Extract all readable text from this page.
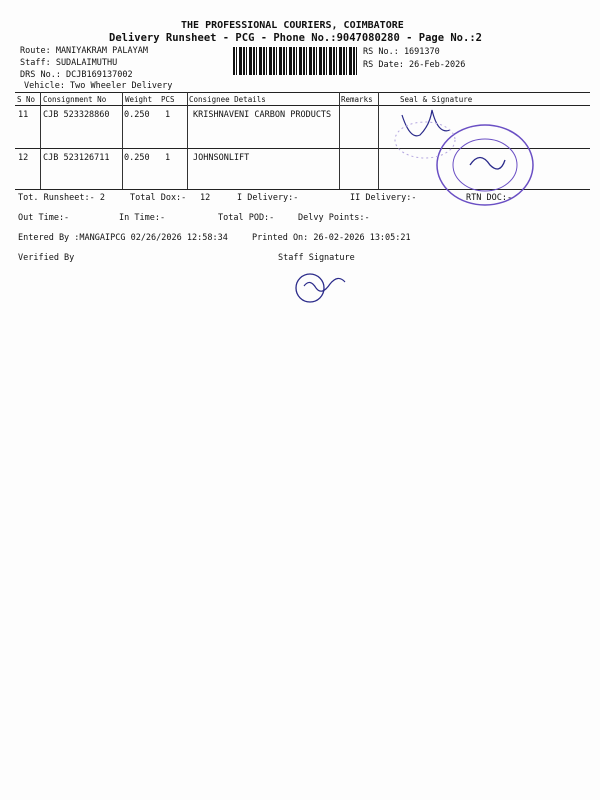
THE PROFESSIONAL COURIERS, COIMBATORE
Delivery Runsheet - PCG - Phone No.:9047080280 - Page No.:2
Route: MANIYAKRAM PALAYAM
Staff: SUDALAIMUTHU
DRS No.: DCJB169137002
Vehicle: Two Wheeler Delivery
RS No.: 1691370
RS Date: 26-Feb-2026
S No Consignment No	Weight PCS Consignee Details	Remarks	Seal & Signature
11 CJB 523328860 0.250 1	KRISHNAVENI CARBON PRODUCTS
12 CJB 523126711 0.250 1	JOHNSONLIFT
Tot. Runsheet:- 2	Total Dox:- 12	I Delivery:-	II Delivery:-	RTN DOC:-
Out Time:-	In Time:-	Total POD:-	Delvy Points:-
Entered By :MANGAIPCG 02/26/2026 12:58:34	Printed On: 26-02-2026 13:05:21
Verified By	Staff Signature
